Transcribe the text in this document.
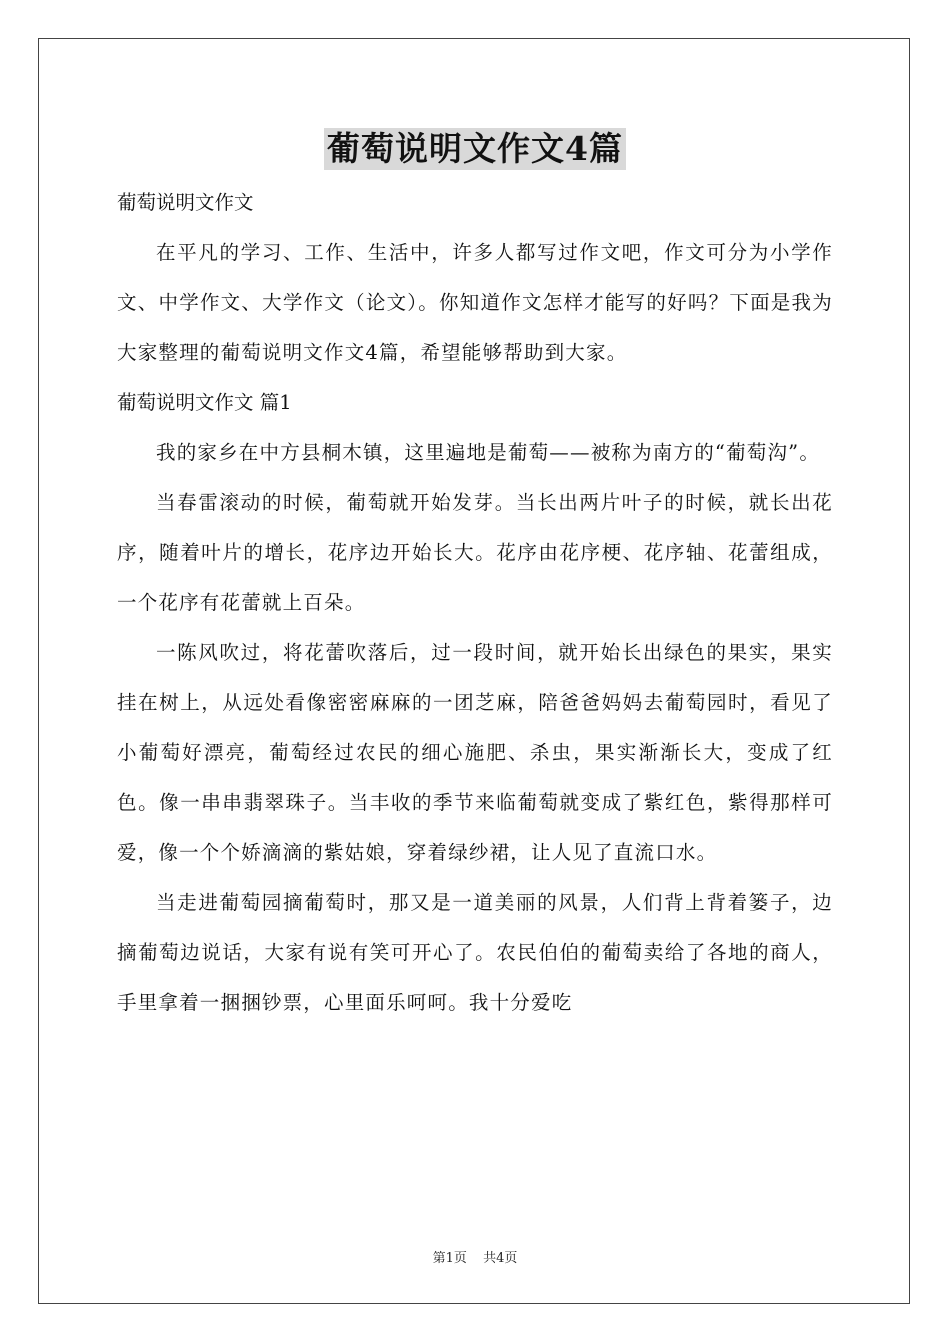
葡萄说明文作文4篇

葡萄说明文作文

在平凡的学习、工作、生活中，许多人都写过作文吧，作文可分为小学作文、中学作文、大学作文（论文）。你知道作文怎样才能写的好吗？下面是我为大家整理的葡萄说明文作文4篇，希望能够帮助到大家。

葡萄说明文作文 篇1

我的家乡在中方县桐木镇，这里遍地是葡萄——被称为南方的“葡萄沟”。

当春雷滚动的时候，葡萄就开始发芽。当长出两片叶子的时候，就长出花序，随着叶片的增长，花序边开始长大。花序由花序梗、花序轴、花蕾组成，一个花序有花蕾就上百朵。

一陈风吹过，将花蕾吹落后，过一段时间，就开始长出绿色的果实，果实挂在树上，从远处看像密密麻麻的一团芝麻，陪爸爸妈妈去葡萄园时，看见了小葡萄好漂亮，葡萄经过农民的细心施肥、杀虫，果实渐渐长大，变成了红色。像一串串翡翠珠子。当丰收的季节来临葡萄就变成了紫红色，紫得那样可爱，像一个个娇滴滴的紫姑娘，穿着绿纱裙，让人见了直流口水。

当走进葡萄园摘葡萄时，那又是一道美丽的风景，人们背上背着篓子，边摘葡萄边说话，大家有说有笑可开心了。农民伯伯的葡萄卖给了各地的商人，手里拿着一捆捆钞票，心里面乐呵呵。我十分爱吃

第1页 共4页
